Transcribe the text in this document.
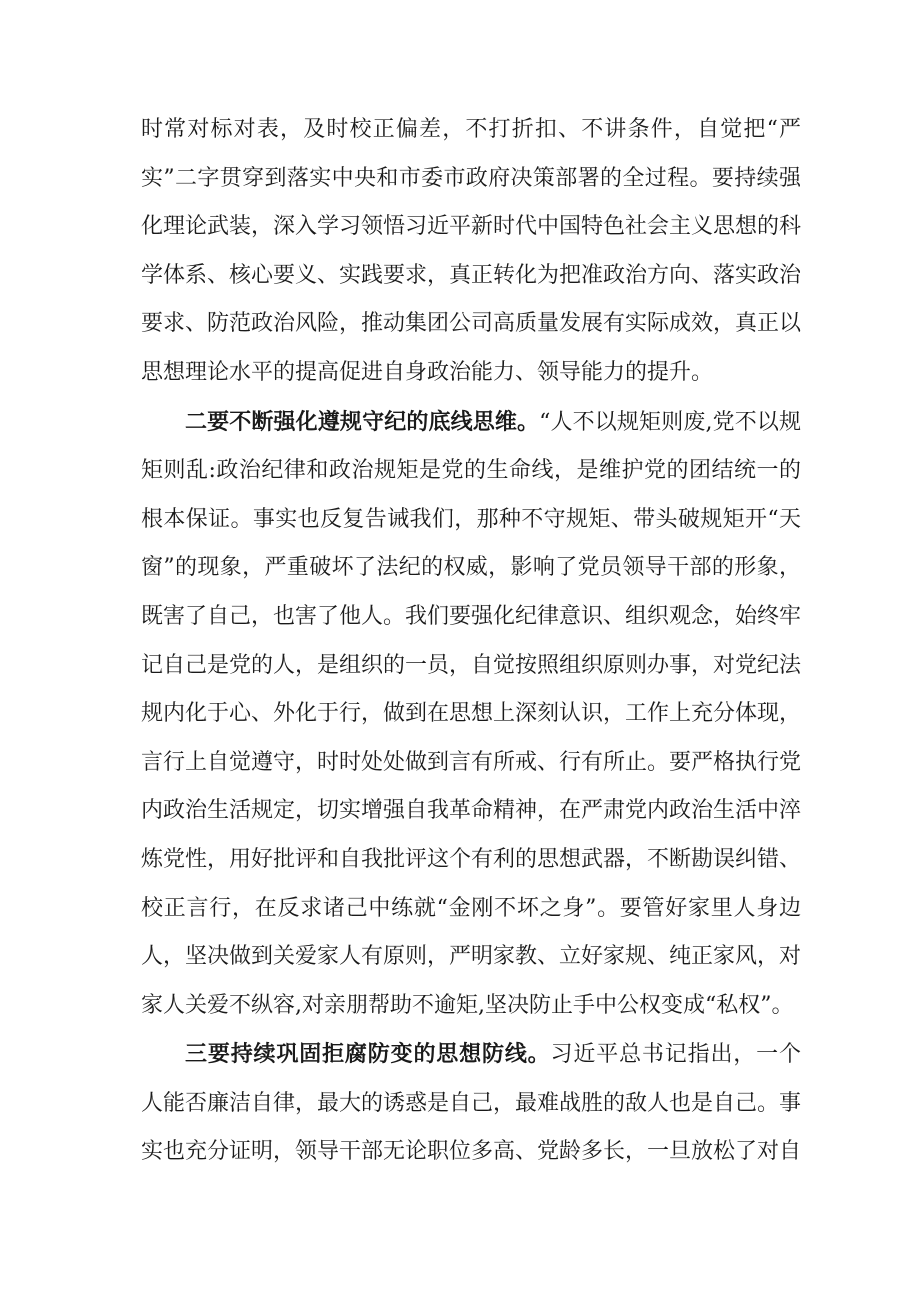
时常对标对表，及时校正偏差，不打折扣、不讲条件，自觉把“严实”二字贯穿到落实中央和市委市政府决策部署的全过程。要持续强化理论武装，深入学习领悟习近平新时代中国特色社会主义思想的科学体系、核心要义、实践要求，真正转化为把准政治方向、落实政治要求、防范政治风险，推动集团公司高质量发展有实际成效，真正以思想理论水平的提高促进自身政治能力、领导能力的提升。

二要不断强化遵规守纪的底线思维。“人不以规矩则废,党不以规矩则乱:政治纪律和政治规矩是党的生命线，是维护党的团结统一的根本保证。事实也反复告诫我们，那种不守规矩、带头破规矩开“天窗”的现象，严重破坏了法纪的权威，影响了党员领导干部的形象，既害了自己，也害了他人。我们要强化纪律意识、组织观念，始终牢记自己是党的人，是组织的一员，自觉按照组织原则办事，对党纪法规内化于心、外化于行，做到在思想上深刻认识，工作上充分体现，言行上自觉遵守，时时处处做到言有所戒、行有所止。要严格执行党内政治生活规定，切实增强自我革命精神，在严肃党内政治生活中淬炼党性，用好批评和自我批评这个有利的思想武器，不断勘误纠错、校正言行，在反求诸己中练就“金刚不坏之身”。要管好家里人身边人，坚决做到关爱家人有原则，严明家教、立好家规、纯正家风，对家人关爱不纵容,对亲朋帮助不逾矩,坚决防止手中公权变成“私权”。

三要持续巩固拒腐防变的思想防线。习近平总书记指出，一个人能否廉洁自律，最大的诱惑是自己，最难战胜的敌人也是自己。事实也充分证明，领导干部无论职位多高、党龄多长，一旦放松了对自
